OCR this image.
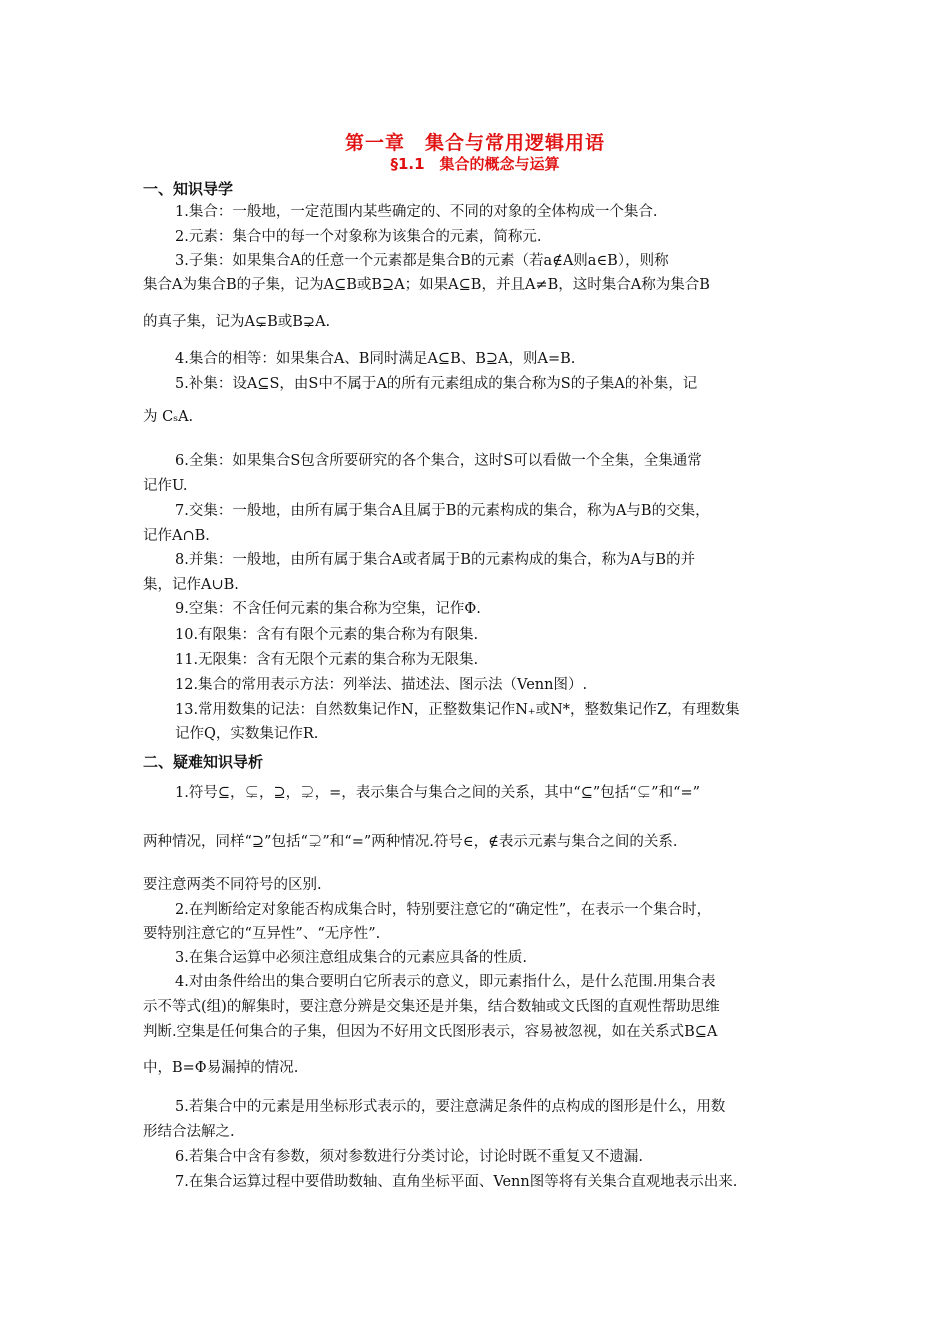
第一章　集合与常用逻辑用语
§1.1　集合的概念与运算
一、知识导学
1.集合：一般地，一定范围内某些确定的、不同的对象的全体构成一个集合.
2.元素：集合中的每一个对象称为该集合的元素，简称元.
3.子集：如果集合A的任意一个元素都是集合B的元素（若a∉A则a∈B），则称
集合A为集合B的子集，记为A⊆B或B⊇A；如果A⊆B，并且A≠B，这时集合A称为集合B
的真子集，记为A⊊B或B⊋A.
4.集合的相等：如果集合A、B同时满足A⊆B、B⊇A，则A=B.
5.补集：设A⊆S，由S中不属于A的所有元素组成的集合称为S的子集A的补集，记
为 CₛA.
6.全集：如果集合S包含所要研究的各个集合，这时S可以看做一个全集，全集通常
记作U.
7.交集：一般地，由所有属于集合A且属于B的元素构成的集合，称为A与B的交集，
记作A∩B.
8.并集：一般地，由所有属于集合A或者属于B的元素构成的集合，称为A与B的并
集，记作A∪B.
9.空集：不含任何元素的集合称为空集，记作Φ.
10.有限集：含有有限个元素的集合称为有限集.
11.无限集：含有无限个元素的集合称为无限集.
12.集合的常用表示方法：列举法、描述法、图示法（Venn图）.
13.常用数集的记法：自然数集记作N，正整数集记作N₊或N*，整数集记作Z，有理数集
记作Q，实数集记作R.
二、疑难知识导析
1.符号⊆，⊊，⊇，⊋，=，表示集合与集合之间的关系，其中“⊆”包括“⊊”和“=”
两种情况，同样“⊇”包括“⊋”和“=”两种情况.符号∈，∉表示元素与集合之间的关系.
要注意两类不同符号的区别.
2.在判断给定对象能否构成集合时，特别要注意它的“确定性”，在表示一个集合时，
要特别注意它的“互异性”、“无序性”.
3.在集合运算中必须注意组成集合的元素应具备的性质.
4.对由条件给出的集合要明白它所表示的意义，即元素指什么，是什么范围.用集合表
示不等式(组)的解集时，要注意分辨是交集还是并集，结合数轴或文氏图的直观性帮助思维
判断.空集是任何集合的子集，但因为不好用文氏图形表示，容易被忽视，如在关系式B⊆A
中，B=Φ易漏掉的情况.
5.若集合中的元素是用坐标形式表示的，要注意满足条件的点构成的图形是什么，用数
形结合法解之.
6.若集合中含有参数，须对参数进行分类讨论，讨论时既不重复又不遗漏.
7.在集合运算过程中要借助数轴、直角坐标平面、Venn图等将有关集合直观地表示出来.
